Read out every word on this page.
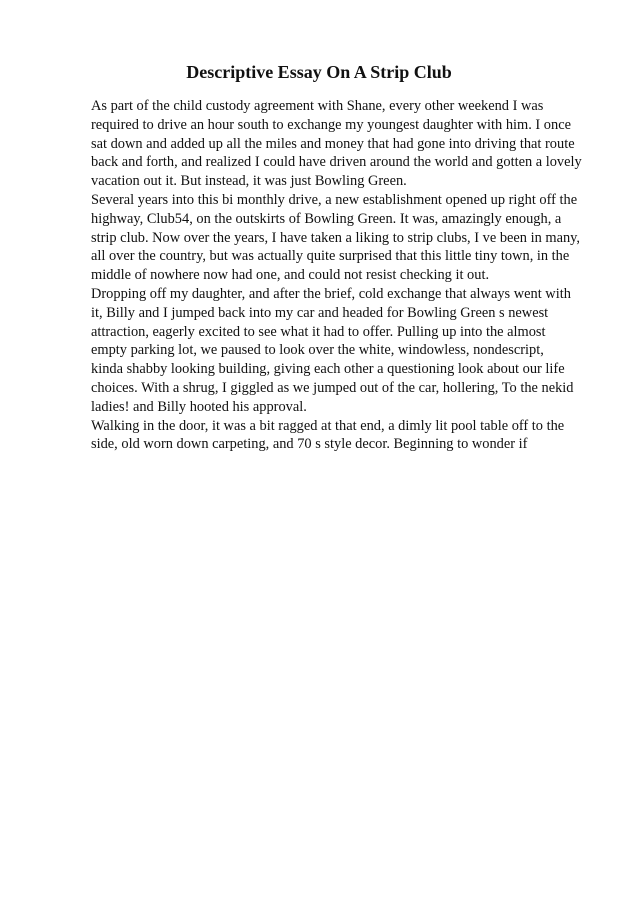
Descriptive Essay On A Strip Club
As part of the child custody agreement with Shane, every other weekend I was
required to drive an hour south to exchange my youngest daughter with him. I once
sat down and added up all the miles and money that had gone into driving that route
back and forth, and realized I could have driven around the world and gotten a lovely
vacation out it. But instead, it was just Bowling Green.
Several years into this bi monthly drive, a new establishment opened up right off the
highway, Club54, on the outskirts of Bowling Green. It was, amazingly enough, a
strip club. Now over the years, I have taken a liking to strip clubs, I ve been in many,
all over the country, but was actually quite surprised that this little tiny town, in the
middle of nowhere now had one, and could not resist checking it out.
Dropping off my daughter, and after the brief, cold exchange that always went with
it, Billy and I jumped back into my car and headed for Bowling Green s newest
attraction, eagerly excited to see what it had to offer. Pulling up into the almost
empty parking lot, we paused to look over the white, windowless, nondescript,
kinda shabby looking building, giving each other a questioning look about our life
choices. With a shrug, I giggled as we jumped out of the car, hollering, To the nekid
ladies! and Billy hooted his approval.
Walking in the door, it was a bit ragged at that end, a dimly lit pool table off to the
side, old worn down carpeting, and 70 s style decor. Beginning to wonder if
